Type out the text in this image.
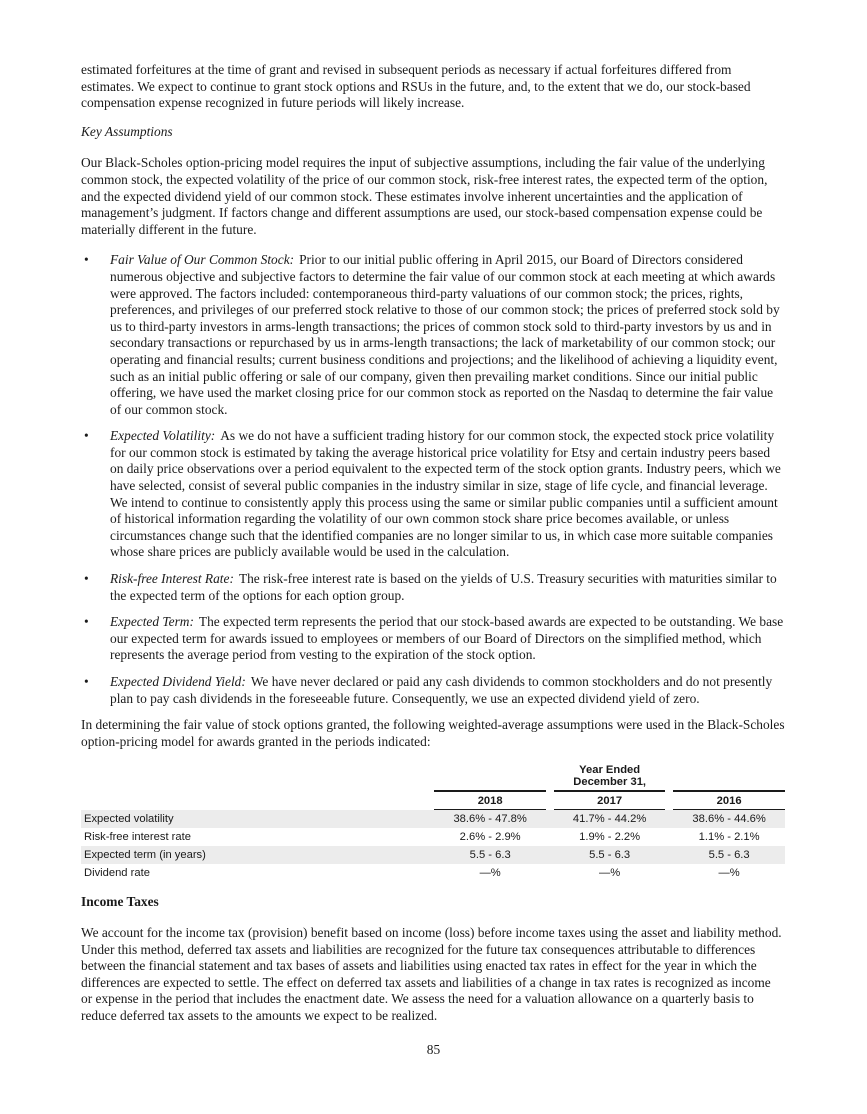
estimated forfeitures at the time of grant and revised in subsequent periods as necessary if actual forfeitures differed from estimates. We expect to continue to grant stock options and RSUs in the future, and, to the extent that we do, our stock-based compensation expense recognized in future periods will likely increase.

Key Assumptions

Our Black-Scholes option-pricing model requires the input of subjective assumptions, including the fair value of the underlying common stock, the expected volatility of the price of our common stock, risk-free interest rates, the expected term of the option, and the expected dividend yield of our common stock. These estimates involve inherent uncertainties and the application of management’s judgment. If factors change and different assumptions are used, our stock-based compensation expense could be materially different in the future.

• Fair Value of Our Common Stock: Prior to our initial public offering in April 2015, our Board of Directors considered numerous objective and subjective factors to determine the fair value of our common stock at each meeting at which awards were approved. The factors included: contemporaneous third-party valuations of our common stock; the prices, rights, preferences, and privileges of our preferred stock relative to those of our common stock; the prices of preferred stock sold by us to third-party investors in arms-length transactions; the prices of common stock sold to third-party investors by us and in secondary transactions or repurchased by us in arms-length transactions; the lack of marketability of our common stock; our operating and financial results; current business conditions and projections; and the likelihood of achieving a liquidity event, such as an initial public offering or sale of our company, given then prevailing market conditions. Since our initial public offering, we have used the market closing price for our common stock as reported on the Nasdaq to determine the fair value of our common stock.
• Expected Volatility: As we do not have a sufficient trading history for our common stock, the expected stock price volatility for our common stock is estimated by taking the average historical price volatility for Etsy and certain industry peers based on daily price observations over a period equivalent to the expected term of the stock option grants. Industry peers, which we have selected, consist of several public companies in the industry similar in size, stage of life cycle, and financial leverage. We intend to continue to consistently apply this process using the same or similar public companies until a sufficient amount of historical information regarding the volatility of our own common stock share price becomes available, or unless circumstances change such that the identified companies are no longer similar to us, in which case more suitable companies whose share prices are publicly available would be used in the calculation.
• Risk-free Interest Rate: The risk-free interest rate is based on the yields of U.S. Treasury securities with maturities similar to the expected term of the options for each option group.
• Expected Term: The expected term represents the period that our stock-based awards are expected to be outstanding. We base our expected term for awards issued to employees or members of our Board of Directors on the simplified method, which represents the average period from vesting to the expiration of the stock option.
• Expected Dividend Yield: We have never declared or paid any cash dividends to common stockholders and do not presently plan to pay cash dividends in the foreseeable future. Consequently, we use an expected dividend yield of zero.

In determining the fair value of stock options granted, the following weighted-average assumptions were used in the Black-Scholes option-pricing model for awards granted in the periods indicated:

	Year Ended
December 31,				

	2018		2017		2016
Expected volatility	38.6% - 47.8%		41.7% - 44.2%		38.6% - 44.6%
Risk-free interest rate	2.6% - 2.9%		1.9% - 2.2%		1.1% - 2.1%
Expected term (in years)	5.5 - 6.3		5.5 - 6.3		5.5 - 6.3
Dividend rate	—%		—%		—%

Income Taxes

We account for the income tax (provision) benefit based on income (loss) before income taxes using the asset and liability method. Under this method, deferred tax assets and liabilities are recognized for the future tax consequences attributable to differences between the financial statement and tax bases of assets and liabilities using enacted tax rates in effect for the year in which the differences are expected to settle. The effect on deferred tax assets and liabilities of a change in tax rates is recognized as income or expense in the period that includes the enactment date. We assess the need for a valuation allowance on a quarterly basis to reduce deferred tax assets to the amounts we expect to be realized.

85
